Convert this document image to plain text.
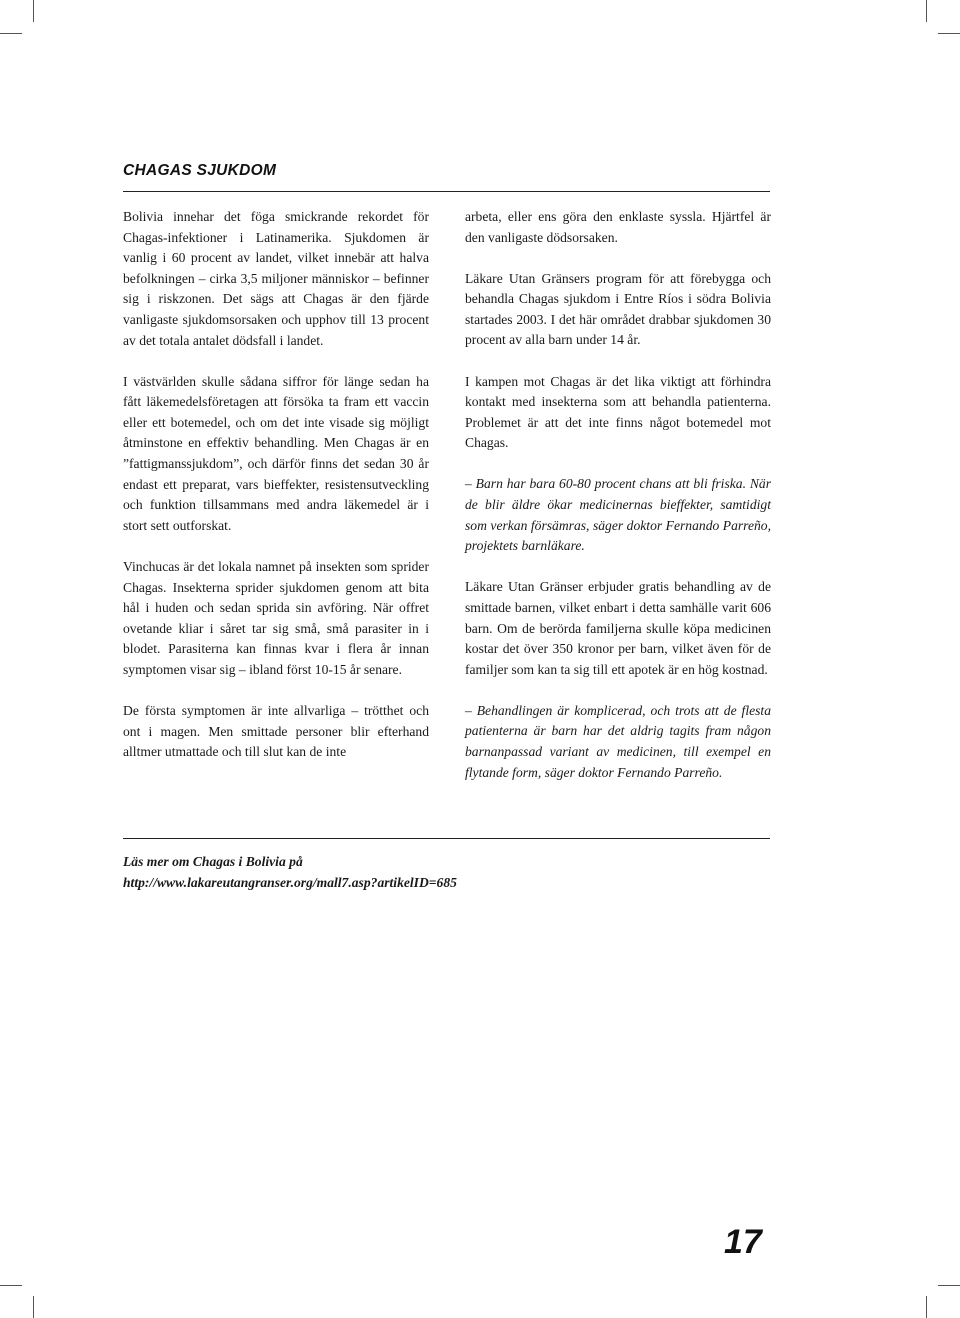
CHAGAS SJUKDOM

Bolivia innehar det föga smickrande rekordet för Chagas-infektioner i Latinamerika. Sjukdomen är vanlig i 60 procent av landet, vilket innebär att halva befolkningen – cirka 3,5 miljoner människor – befinner sig i riskzonen. Det sägs att Chagas är den fjärde vanligaste sjukdomsorsaken och upphov till 13 procent av det totala antalet dödsfall i landet.

I västvärlden skulle sådana siffror för länge sedan ha fått läkemedelsföretagen att försöka ta fram ett vaccin eller ett botemedel, och om det inte visade sig möjligt åtminstone en effektiv behandling. Men Chagas är en ”fattigmanssjukdom”, och därför finns det sedan 30 år endast ett preparat, vars bieffekter, resistensutveckling och funktion tillsammans med andra läkemedel är i stort sett outforskat.

Vinchucas är det lokala namnet på insekten som sprider Chagas. Insekterna sprider sjukdomen genom att bita hål i huden och sedan sprida sin avföring. När offret ovetande kliar i såret tar sig små, små parasiter in i blodet. Parasiterna kan finnas kvar i flera år innan symptomen visar sig – ibland först 10-15 år senare.

De första symptomen är inte allvarliga – trötthet och ont i magen. Men smittade personer blir efterhand alltmer utmattade och till slut kan de inte

arbeta, eller ens göra den enklaste syssla. Hjärtfel är den vanligaste dödsorsaken.

Läkare Utan Gränsers program för att förebygga och behandla Chagas sjukdom i Entre Ríos i södra Bolivia startades 2003. I det här området drabbar sjukdomen 30 procent av alla barn under 14 år.

I kampen mot Chagas är det lika viktigt att förhindra kontakt med insekterna som att behandla patienterna. Problemet är att det inte finns något botemedel mot Chagas.

– Barn har bara 60-80 procent chans att bli friska. När de blir äldre ökar medicinernas bieffekter, samtidigt som verkan försämras, säger doktor Fernando Parreño, projektets barnläkare.

Läkare Utan Gränser erbjuder gratis behandling av de smittade barnen, vilket enbart i detta samhälle varit 606 barn. Om de berörda familjerna skulle köpa medicinen kostar det över 350 kronor per barn, vilket även för de familjer som kan ta sig till ett apotek är en hög kostnad.

– Behandlingen är komplicerad, och trots att de flesta patienterna är barn har det aldrig tagits fram någon barnanpassad variant av medicinen, till exempel en flytande form, säger doktor Fernando Parreño.

Läs mer om Chagas i Bolivia på
http://www.lakareutangranser.org/mall7.asp?artikelID=685
17
